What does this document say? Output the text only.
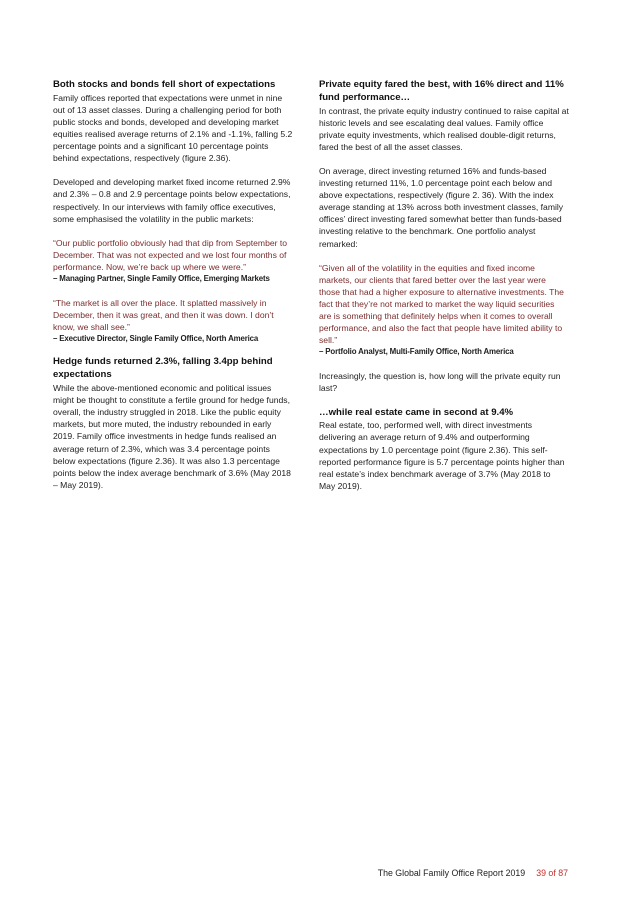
Both stocks and bonds fell short of expectations

Family offices reported that expectations were unmet in nine out of 13 asset classes. During a challenging period for both public stocks and bonds, developed and developing market equities realised average returns of 2.1% and -1.1%, falling 5.2 percentage points and a significant 10 percentage points behind expectations, respectively (figure 2.36).

Developed and developing market fixed income returned 2.9% and 2.3% – 0.8 and 2.9 percentage points below expectations, respectively. In our interviews with family office executives, some emphasised the volatility in the public markets:

“Our public portfolio obviously had that dip from September to December. That was not expected and we lost four months of performance. Now, we’re back up where we were.”

– Managing Partner, Single Family Office, Emerging Markets

“The market is all over the place. It splatted massively in December, then it was great, and then it was down. I don’t know, we shall see.”

– Executive Director, Single Family Office, North America

Hedge funds returned 2.3%, falling 3.4pp behind expectations

While the above-mentioned economic and political issues might be thought to constitute a fertile ground for hedge funds, overall, the industry struggled in 2018. Like the public equity markets, but more muted, the industry rebounded in early 2019. Family office investments in hedge funds realised an average return of 2.3%, which was 3.4 percentage points below expectations (figure 2.36). It was also 1.3 percentage points below the index average benchmark of 3.6% (May 2018 – May 2019).

Private equity fared the best, with 16% direct and 11% fund performance…

In contrast, the private equity industry continued to raise capital at historic levels and see escalating deal values. Family office private equity investments, which realised double-digit returns, fared the best of all the asset classes.

On average, direct investing returned 16% and funds-based investing returned 11%, 1.0 percentage point each below and above expectations, respectively (figure 2. 36). With the index average standing at 13% across both investment classes, family offices’ direct investing fared somewhat better than funds-based investing relative to the benchmark. One portfolio analyst remarked:

“Given all of the volatility in the equities and fixed income markets, our clients that fared better over the last year were those that had a higher exposure to alternative investments. The fact that they’re not marked to market the way liquid securities are is something that definitely helps when it comes to overall performance, and also the fact that people have limited ability to sell.”

– Portfolio Analyst, Multi-Family Office, North America

Increasingly, the question is, how long will the private equity run last?

…while real estate came in second at 9.4%

Real estate, too, performed well, with direct investments delivering an average return of 9.4% and outperforming expectations by 1.0 percentage point (figure 2.36). This self-reported performance figure is 5.7 percentage points higher than real estate’s index benchmark average of 3.7% (May 2018 to May 2019).

The Global Family Office Report 2019 39 of 87
